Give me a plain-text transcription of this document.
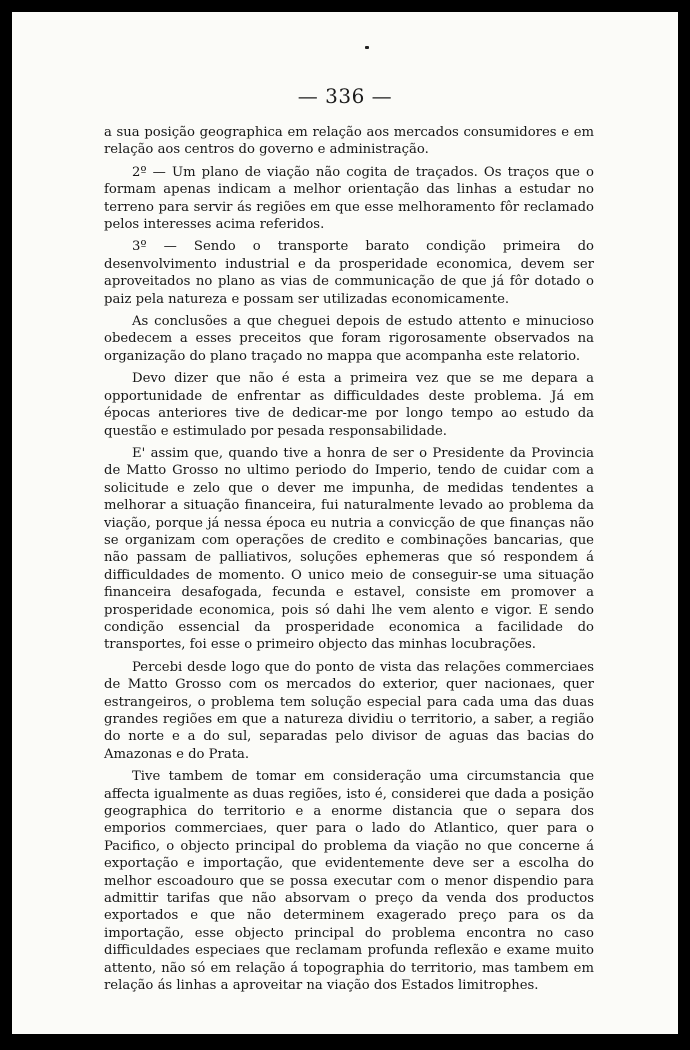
— 336 —

a sua posição geographica em relação aos mercados consumidores e em relação aos centros do governo e administração.

2º — Um plano de viação não cogita de traçados. Os traços que o formam apenas indicam a melhor orientação das linhas a estudar no terreno para servir ás regiões em que esse melhoramento fôr reclamado pelos interesses acima referidos.

3º — Sendo o transporte barato condição primeira do desenvolvimento industrial e da prosperidade economica, devem ser aproveitados no plano as vias de communicação de que já fôr dotado o paiz pela natureza e possam ser utilizadas economicamente.

As conclusões a que cheguei depois de estudo attento e minucioso obedecem a esses preceitos que foram rigorosamente observados na organização do plano traçado no mappa que acompanha este relatorio.

Devo dizer que não é esta a primeira vez que se me depara a opportunidade de enfrentar as difficuldades deste problema. Já em épocas anteriores tive de dedicar-me por longo tempo ao estudo da questão e estimulado por pesada responsabilidade.

E' assim que, quando tive a honra de ser o Presidente da Provincia de Matto Grosso no ultimo periodo do Imperio, tendo de cuidar com a solicitude e zelo que o dever me impunha, de medidas tendentes a melhorar a situação financeira, fui naturalmente levado ao problema da viação, porque já nessa época eu nutria a convicção de que finanças não se organizam com operações de credito e combinações bancarias, que não passam de palliativos, soluções ephemeras que só respondem á difficuldades de momento. O unico meio de conseguir-se uma situação financeira desafogada, fecunda e estavel, consiste em promover a prosperidade economica, pois só dahi lhe vem alento e vigor. E sendo condição essencial da prosperidade economica a facilidade do transportes, foi esse o primeiro objecto das minhas locubrações.

Percebi desde logo que do ponto de vista das relações commerciaes de Matto Grosso com os mercados do exterior, quer nacionaes, quer estrangeiros, o problema tem solução especial para cada uma das duas grandes regiões em que a natureza dividiu o territorio, a saber, a região do norte e a do sul, separadas pelo divisor de aguas das bacias do Amazonas e do Prata.

Tive tambem de tomar em consideração uma circumstancia que affecta igualmente as duas regiões, isto é, considerei que dada a posição geographica do territorio e a enorme distancia que o separa dos emporios commerciaes, quer para o lado do Atlantico, quer para o Pacifico, o objecto principal do problema da viação no que concerne á exportação e importação, que evidentemente deve ser a escolha do melhor escoadouro que se possa executar com o menor dispendio para admittir tarifas que não absorvam o preço da venda dos productos exportados e que não determinem exagerado preço para os da importação, esse objecto principal do problema encontra no caso difficuldades especiaes que reclamam profunda reflexão e exame muito attento, não só em relação á topographia do territorio, mas tambem em relação ás linhas a aproveitar na viação dos Estados limitrophes.
